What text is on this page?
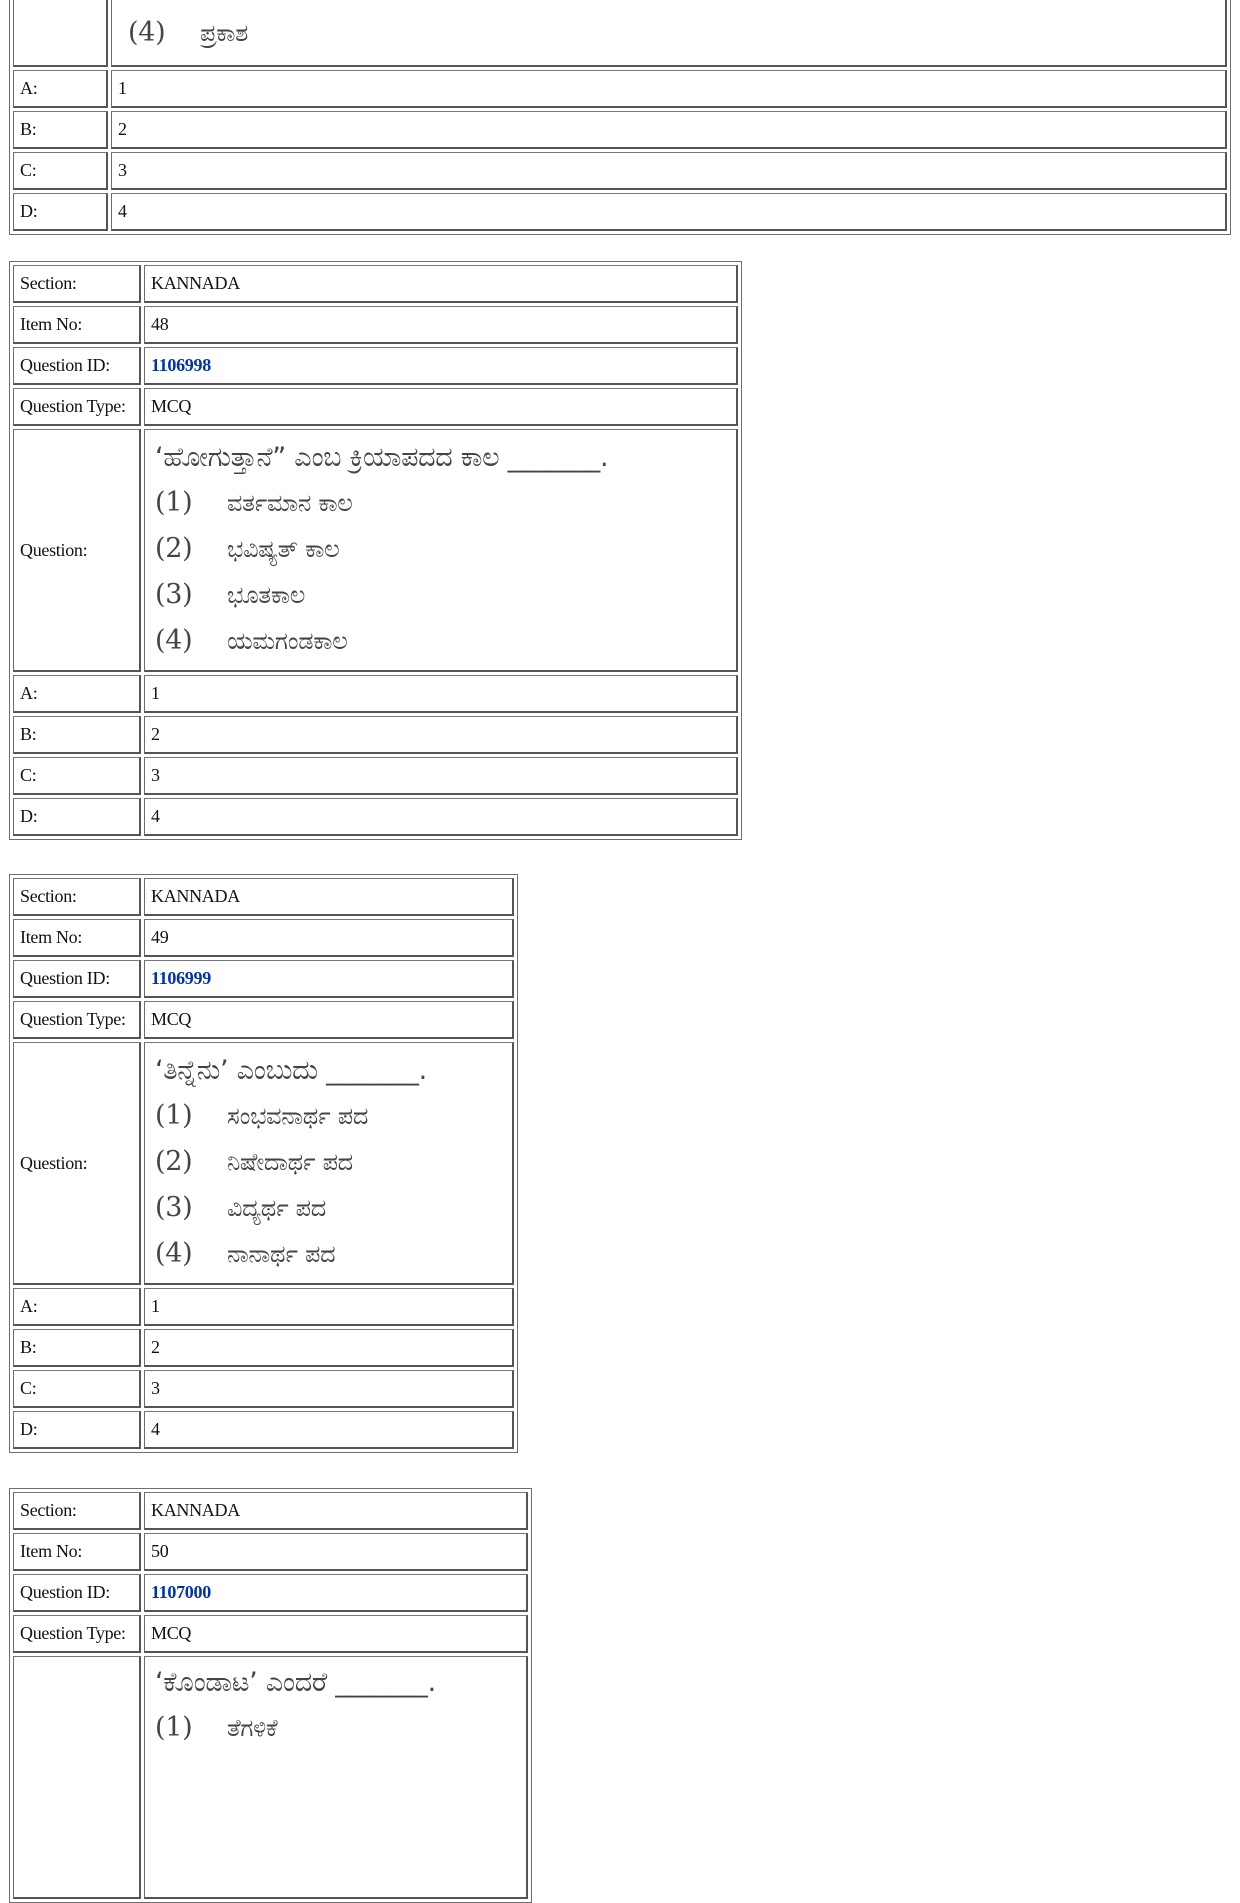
	(4) ಪ್ರಕಾಶ

A:	1
B:	2
C:	3
D:	4
Section:	KANNADA
Item No:	48
Question ID:	1106998
Question Type:	MCQ
Question:	‘ಹೋಗುತ್ತಾನೆ” ಎಂಬ ಕ್ರಿಯಾಪದದ ಕಾಲ _______.
(1) ವರ್ತಮಾನ ಕಾಲ
(2) ಭವಿಷ್ಯತ್ ಕಾಲ
(3) ಭೂತಕಾಲ
(4) ಯಮಗಂಡಕಾಲ

A:	1
B:	2
C:	3
D:	4
Section:	KANNADA
Item No:	49
Question ID:	1106999
Question Type:	MCQ
Question:	‘ತಿನ್ನೆನು’ ಎಂಬುದು _______.
(1) ಸಂಭವನಾರ್ಥ ಪದ
(2) ನಿಷೇದಾರ್ಥ ಪದ
(3) ವಿದ್ಯರ್ಥ ಪದ
(4) ನಾನಾರ್ಥ ಪದ

A:	1
B:	2
C:	3
D:	4
Section:	KANNADA
Item No:	50
Question ID:	1107000
Question Type:	MCQ

	‘ಕೊಂಡಾಟ’ ಎಂದರೆ _______.
(1) ತೆಗಳಿಕೆ
